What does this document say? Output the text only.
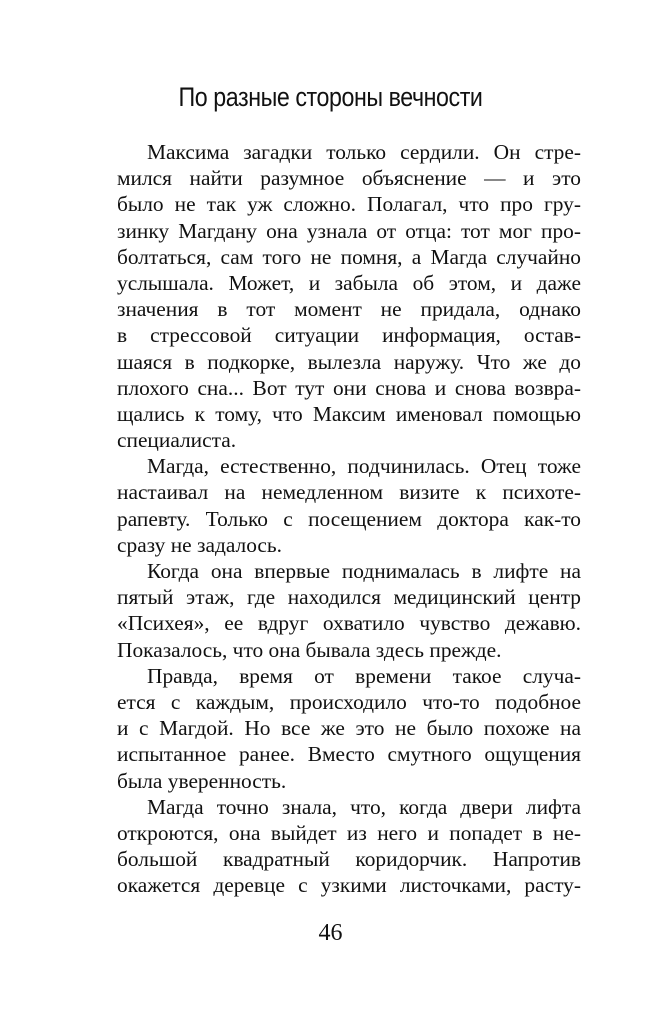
По разные стороны вечности
Максима загадки только сердили. Он стре-
мился найти разумное объяснение — и это
было не так уж сложно. Полагал, что про гру-
зинку Магдану она узнала от отца: тот мог про-
болтаться, сам того не помня, а Магда случайно
услышала. Может, и забыла об этом, и даже
значения в тот момент не придала, однако
в стрессовой ситуации информация, остав-
шаяся в подкорке, вылезла наружу. Что же до
плохого сна... Вот тут они снова и снова возвра-
щались к тому, что Максим именовал помощью
специалиста.
Магда, естественно, подчинилась. Отец тоже
настаивал на немедленном визите к психоте-
рапевту. Только с посещением доктора как-то
сразу не задалось.
Когда она впервые поднималась в лифте на
пятый этаж, где находился медицинский центр
«Психея», ее вдруг охватило чувство дежавю.
Показалось, что она бывала здесь прежде.
Правда, время от времени такое случа-
ется с каждым, происходило что-то подобное
и с Магдой. Но все же это не было похоже на
испытанное ранее. Вместо смутного ощущения
была уверенность.
Магда точно знала, что, когда двери лифта
откроются, она выйдет из него и попадет в не-
большой квадратный коридорчик. Напротив
окажется деревце с узкими листочками, расту-
46
